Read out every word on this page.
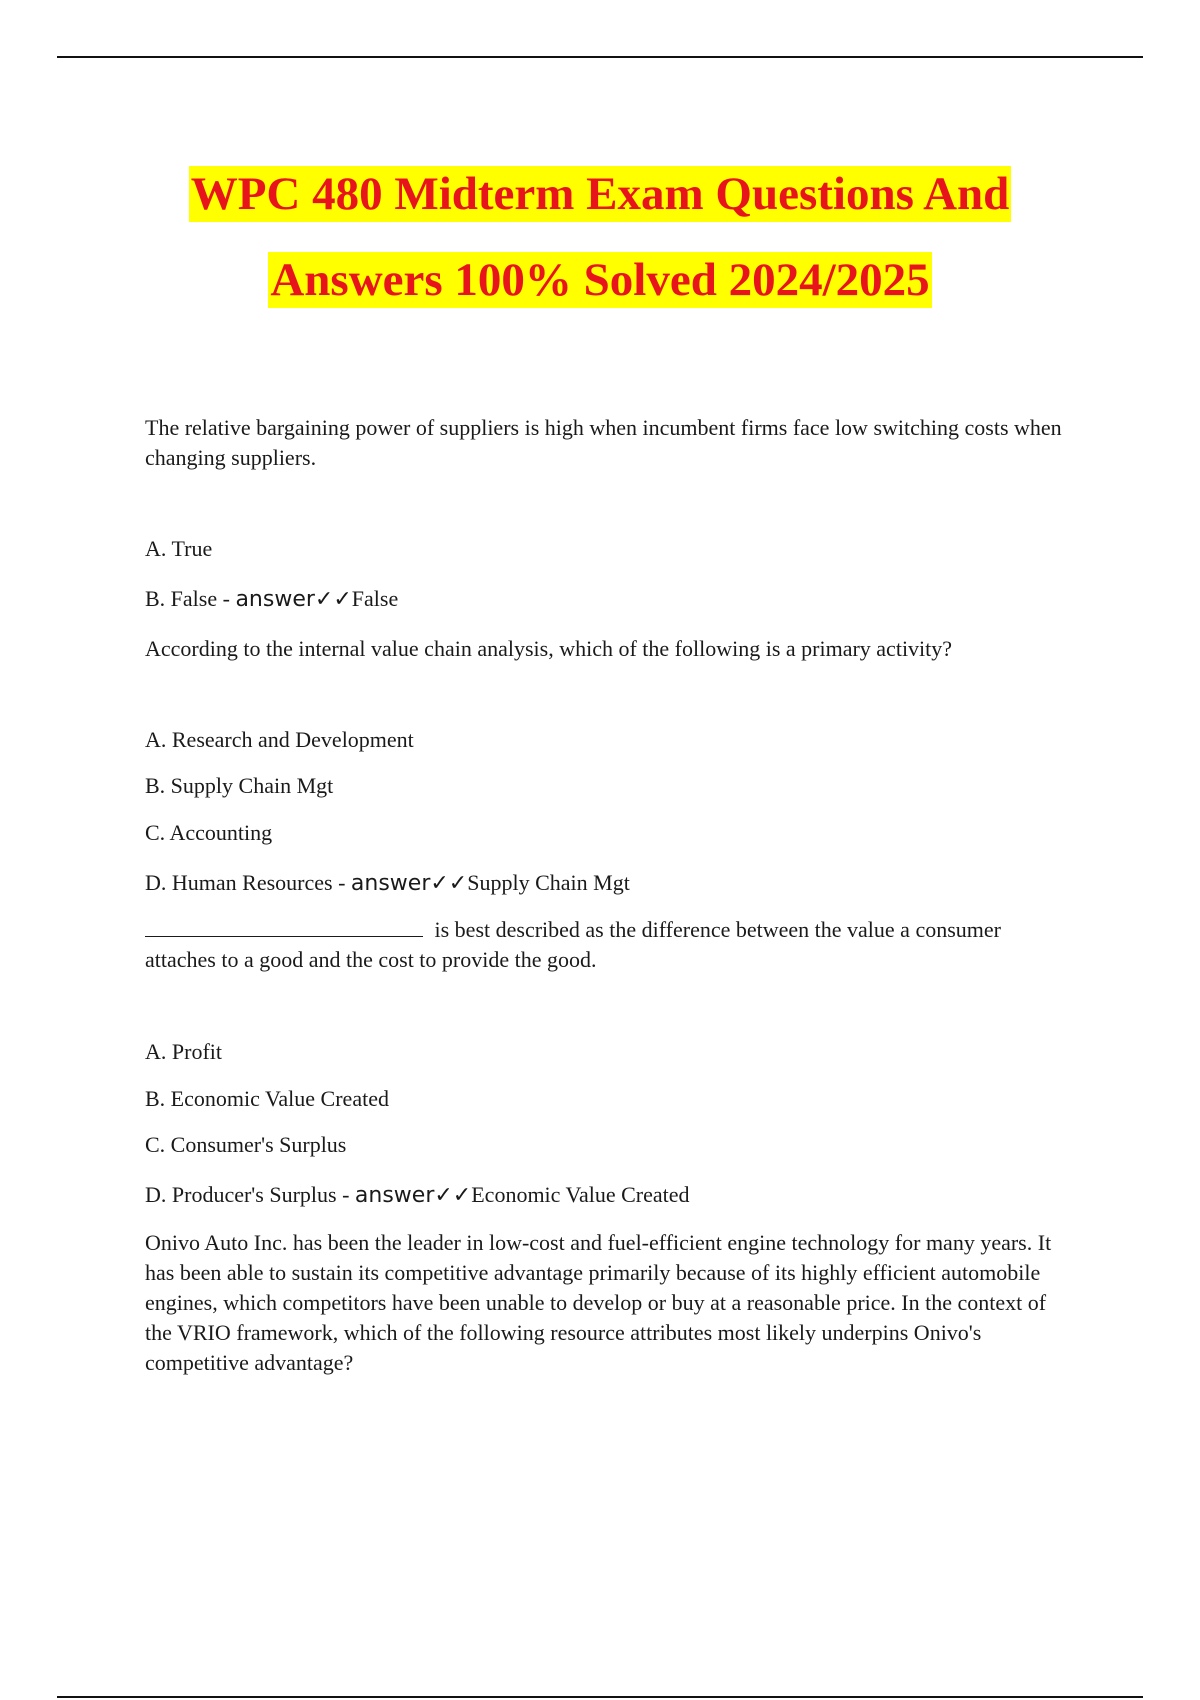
WPC 480 Midterm Exam Questions And
Answers 100% Solved 2024/2025

The relative bargaining power of suppliers is high when incumbent firms face low switching costs when changing suppliers.

A. True

B. False - answer✓✓False

According to the internal value chain analysis, which of the following is a primary activity?

A. Research and Development

B. Supply Chain Mgt

C. Accounting

D. Human Resources - answer✓✓Supply Chain Mgt

is best described as the difference between the value a consumer attaches to a good and the cost to provide the good.

A. Profit

B. Economic Value Created

C. Consumer's Surplus

D. Producer's Surplus - answer✓✓Economic Value Created

Onivo Auto Inc. has been the leader in low-cost and fuel-efficient engine technology for many years. It has been able to sustain its competitive advantage primarily because of its highly efficient automobile engines, which competitors have been unable to develop or buy at a reasonable price. In the context of the VRIO framework, which of the following resource attributes most likely underpins Onivo's competitive advantage?
